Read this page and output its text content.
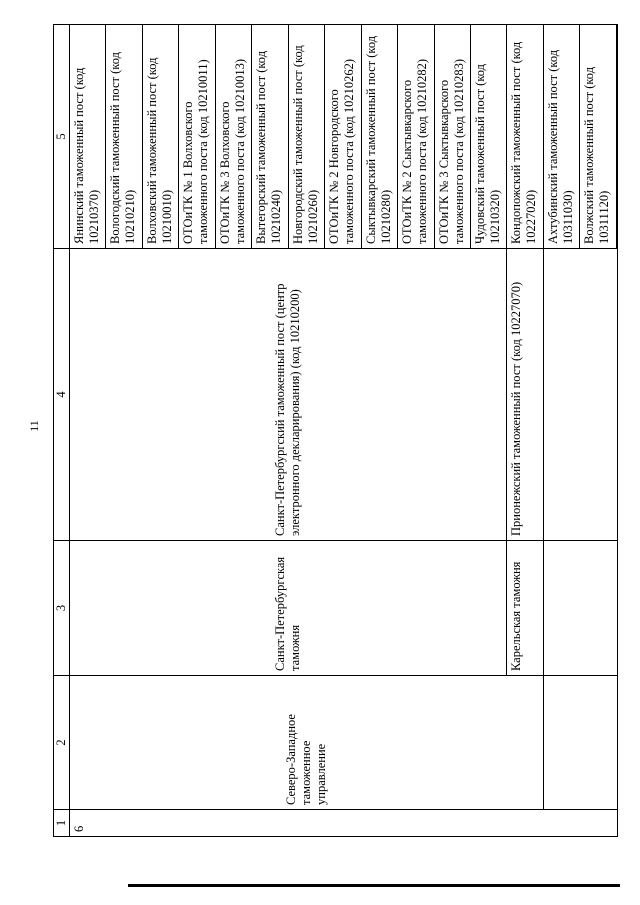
11
1	2	3	4	5
6	Северо-Западное таможенное управление	Санкт-Петербургская таможня	Санкт-Петербургский таможенный пост (центр электронного декларирования) (код 10210200)	Янинский таможенный пост (код 10210370)
				Вологодский таможенный пост (код 10210210)
				Волховский таможенный пост (код 10210010)
				ОТОиТК № 1 Волховского таможенного поста (код 10210011)
				ОТОиТК № 3 Волховского таможенного поста (код 10210013)
				Вытегорский таможенный пост (код 10210240)
				Новгородский таможенный пост (код 10210260)
				ОТОиТК № 2 Новгородского таможенного поста (код 10210262)
				Сыктывкарский таможенный пост (код 10210280)
				ОТОиТК № 2 Сыктывкарского таможенного поста (код 10210282)
				ОТОиТК № 3 Сыктывкарского таможенного поста (код 10210283)
				Чудовский таможенный пост (код 10210320)
		Карельская таможня	Прионежский таможенный пост (код 10227070)	Кондопожский таможенный пост (код 10227020)
				Ахтубинский таможенный пост (код 10311030)
				Волжский таможенный пост (код 10311120)
